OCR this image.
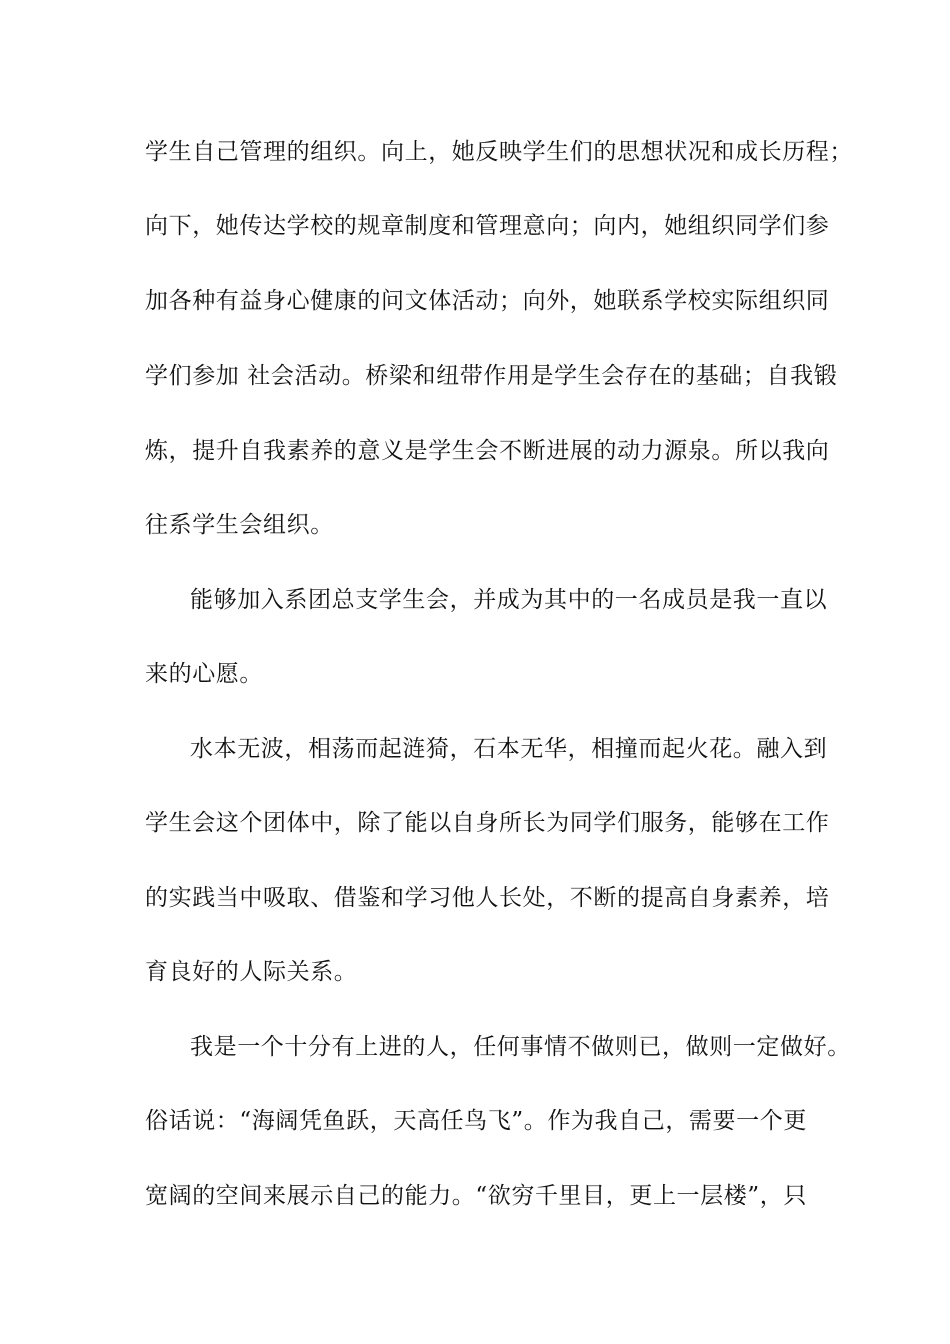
学生自己管理的组织。向上，她反映学生们的思想状况和成长历程；
向下，她传达学校的规章制度和管理意向；向内，她组织同学们参
加各种有益身心健康的问文体活动；向外，她联系学校实际组织同
学们参加 社会活动。桥梁和纽带作用是学生会存在的基础；自我锻
炼，提升自我素养的意义是学生会不断进展的动力源泉。所以我向
往系学生会组织。
能够加入系团总支学生会，并成为其中的一名成员是我一直以
来的心愿。
水本无波，相荡而起涟猗，石本无华，相撞而起火花。融入到
学生会这个团体中，除了能以自身所长为同学们服务，能够在工作
的实践当中吸取、借鉴和学习他人长处，不断的提高自身素养，培
育良好的人际关系。
我是一个十分有上进的人，任何事情不做则已，做则一定做好。
俗话说：“海阔凭鱼跃，天高任鸟飞”。作为我自己，需要一个更
宽阔的空间来展示自己的能力。“欲穷千里目，更上一层楼”，只
